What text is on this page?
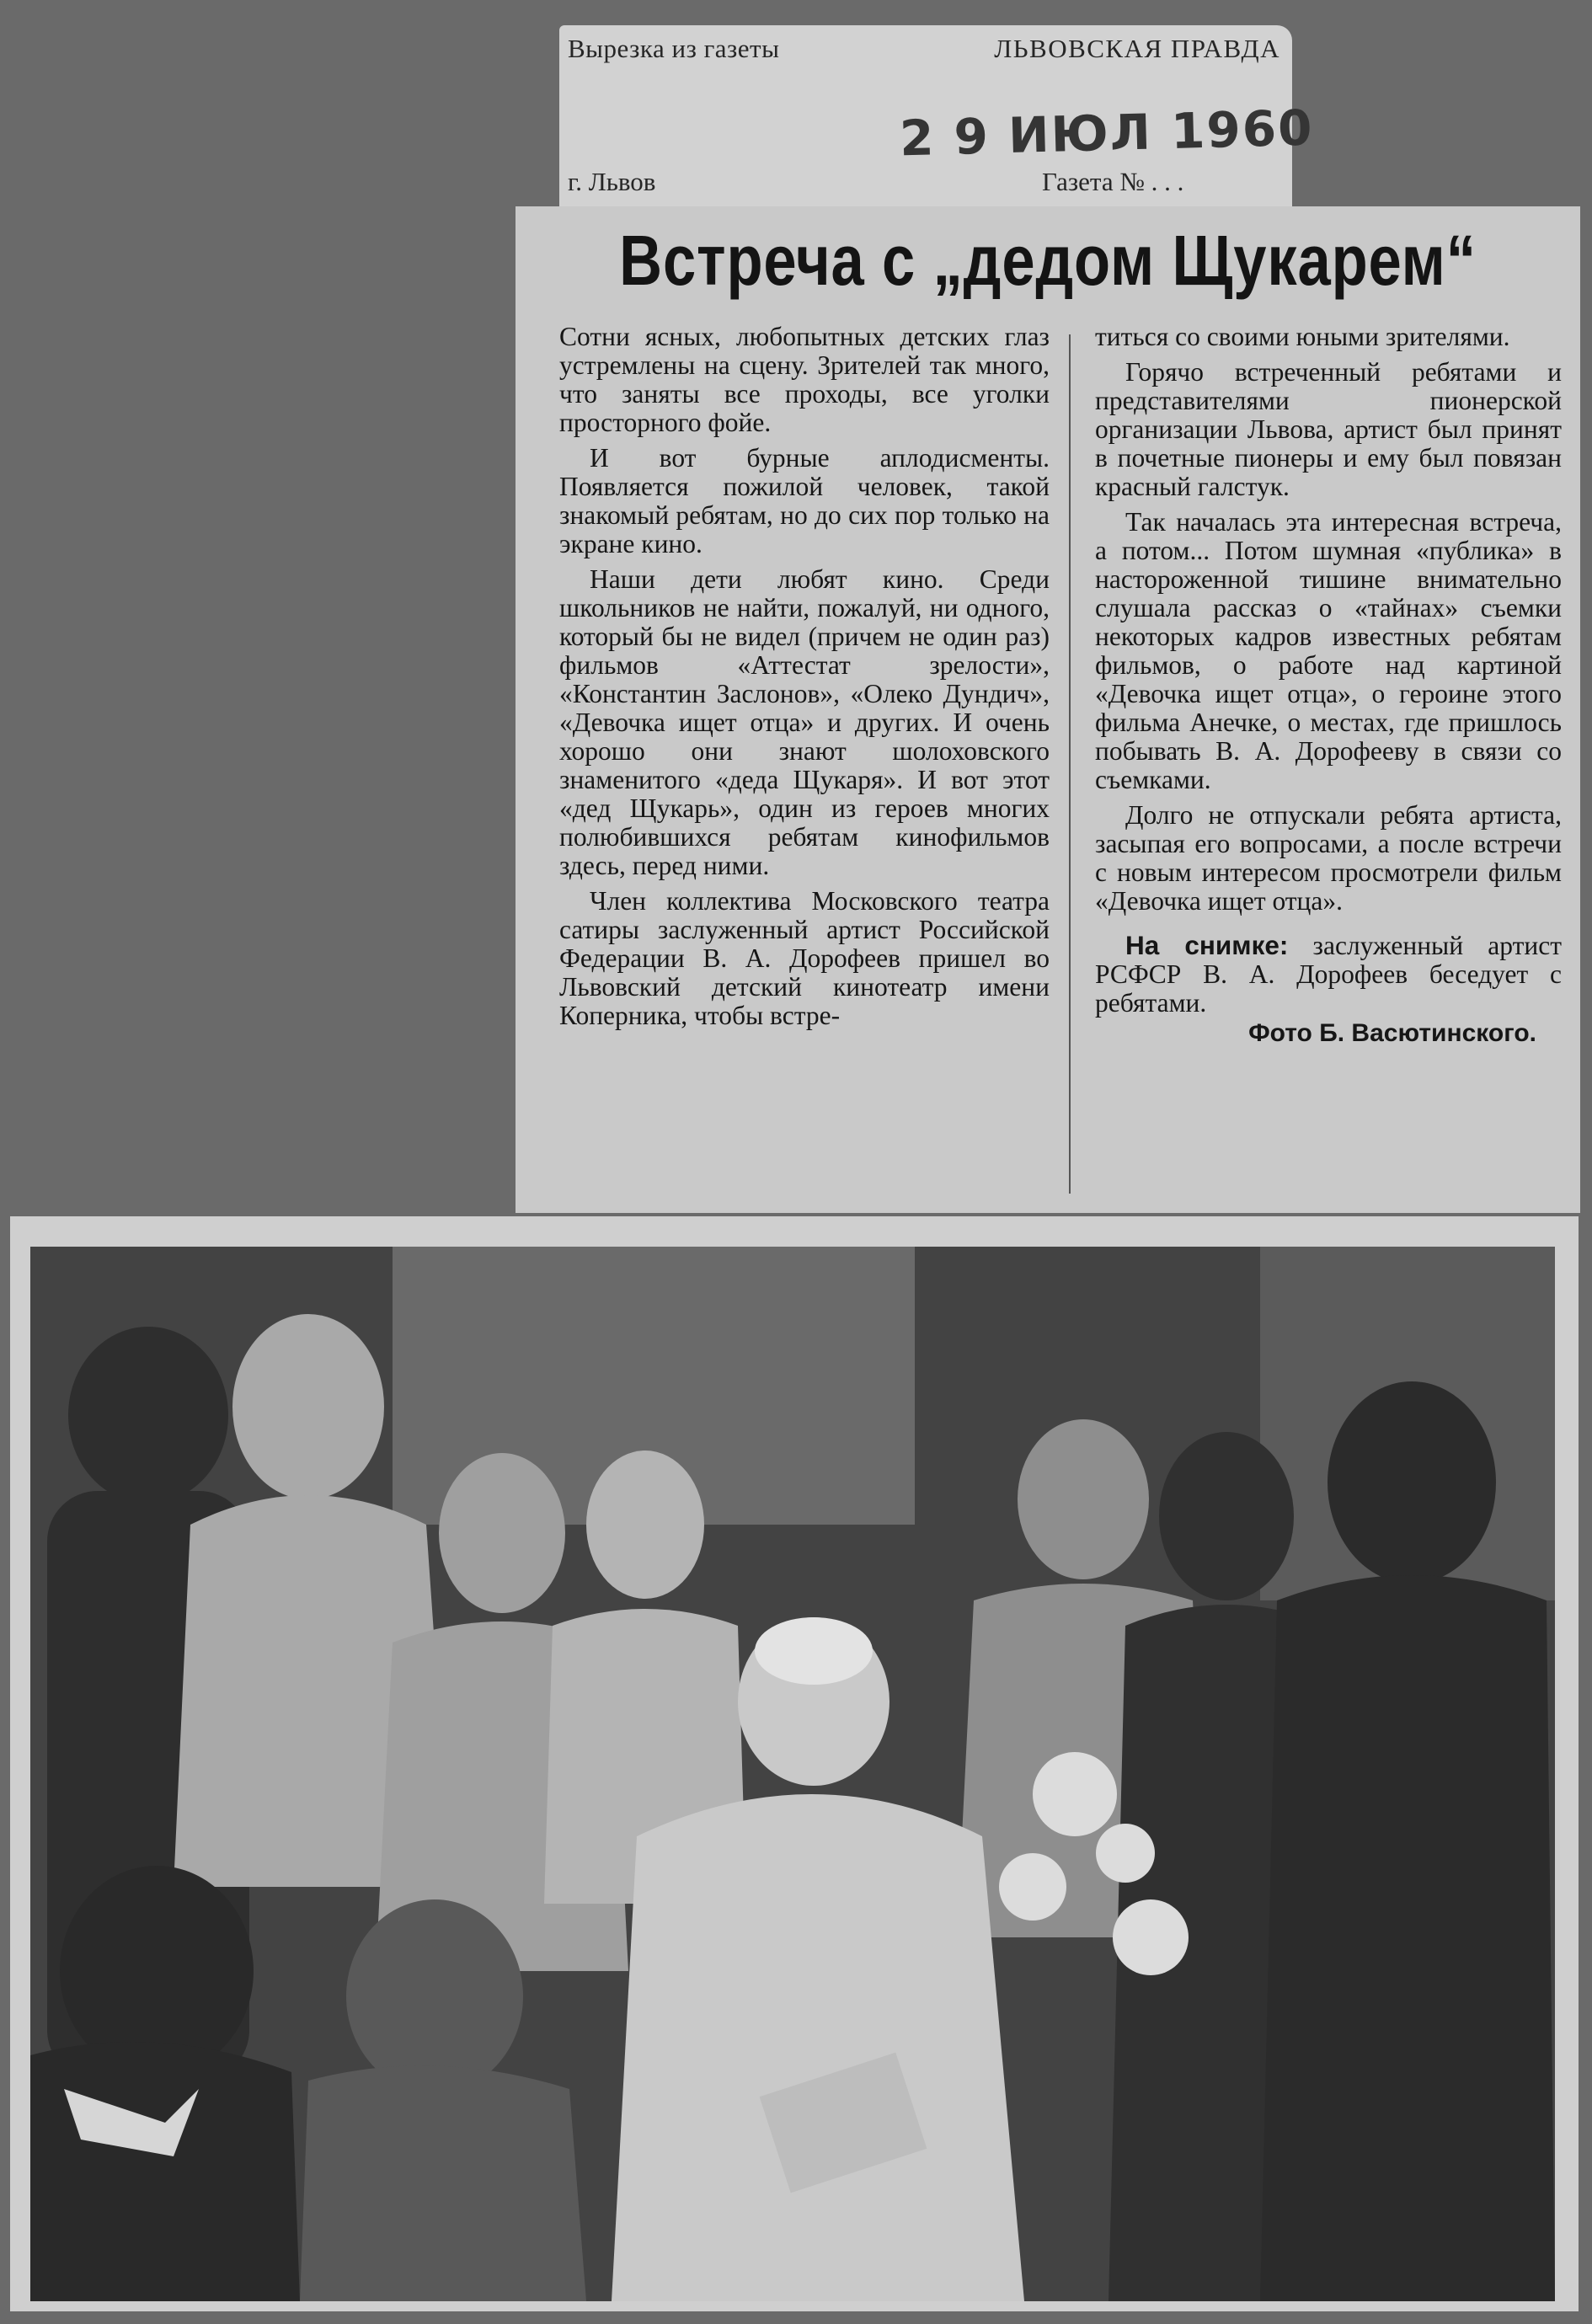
Вырезка из газеты	ЛЬВОВСКАЯ ПРАВДА
2 9 ИЮЛ 1960
г. Львов	Газета № . . .
Встреча с „дедом Щукарем“

Сотни ясных, любопытных детских глаз устремлены на сцену. Зрителей так много, что заняты все проходы, все уголки просторного фойе.

И вот бурные аплодисменты. Появляется пожилой человек, такой знакомый ребятам, но до сих пор только на экране кино.

Наши дети любят кино. Среди школьников не найти, пожалуй, ни одного, который бы не видел (причем не один раз) фильмов «Аттестат зрелости», «Константин Заслонов», «Олеко Дундич», «Девочка ищет отца» и других. И очень хорошо они знают шолоховского знаменитого «деда Щукаря». И вот этот «дед Щукарь», один из героев многих полюбившихся ребятам кинофильмов здесь, перед ними.

Член коллектива Московского театра сатиры заслуженный артист Российской Федерации В. А. Дорофеев пришел во Львовский детский кинотеатр имени Коперника, чтобы встре-

титься со своими юными зрителями.

Горячо встреченный ребятами и представителями пионерской организации Львова, артист был принят в почетные пионеры и ему был повязан красный галстук.

Так началась эта интересная встреча, а потом... Потом шумная «публика» в настороженной тишине внимательно слушала рассказ о «тайнах» съемки некоторых кадров известных ребятам фильмов, о работе над картиной «Девочка ищет отца», о героине этого фильма Анечке, о местах, где пришлось побывать В. А. Дорофееву в связи со съемками.

Долго не отпускали ребята артиста, засыпая его вопросами, а после встречи с новым интересом просмотрели фильм «Девочка ищет отца».

На снимке: заслуженный артист РСФСР В. А. Дорофеев беседует с ребятами.

Фото Б. Васютинского.
